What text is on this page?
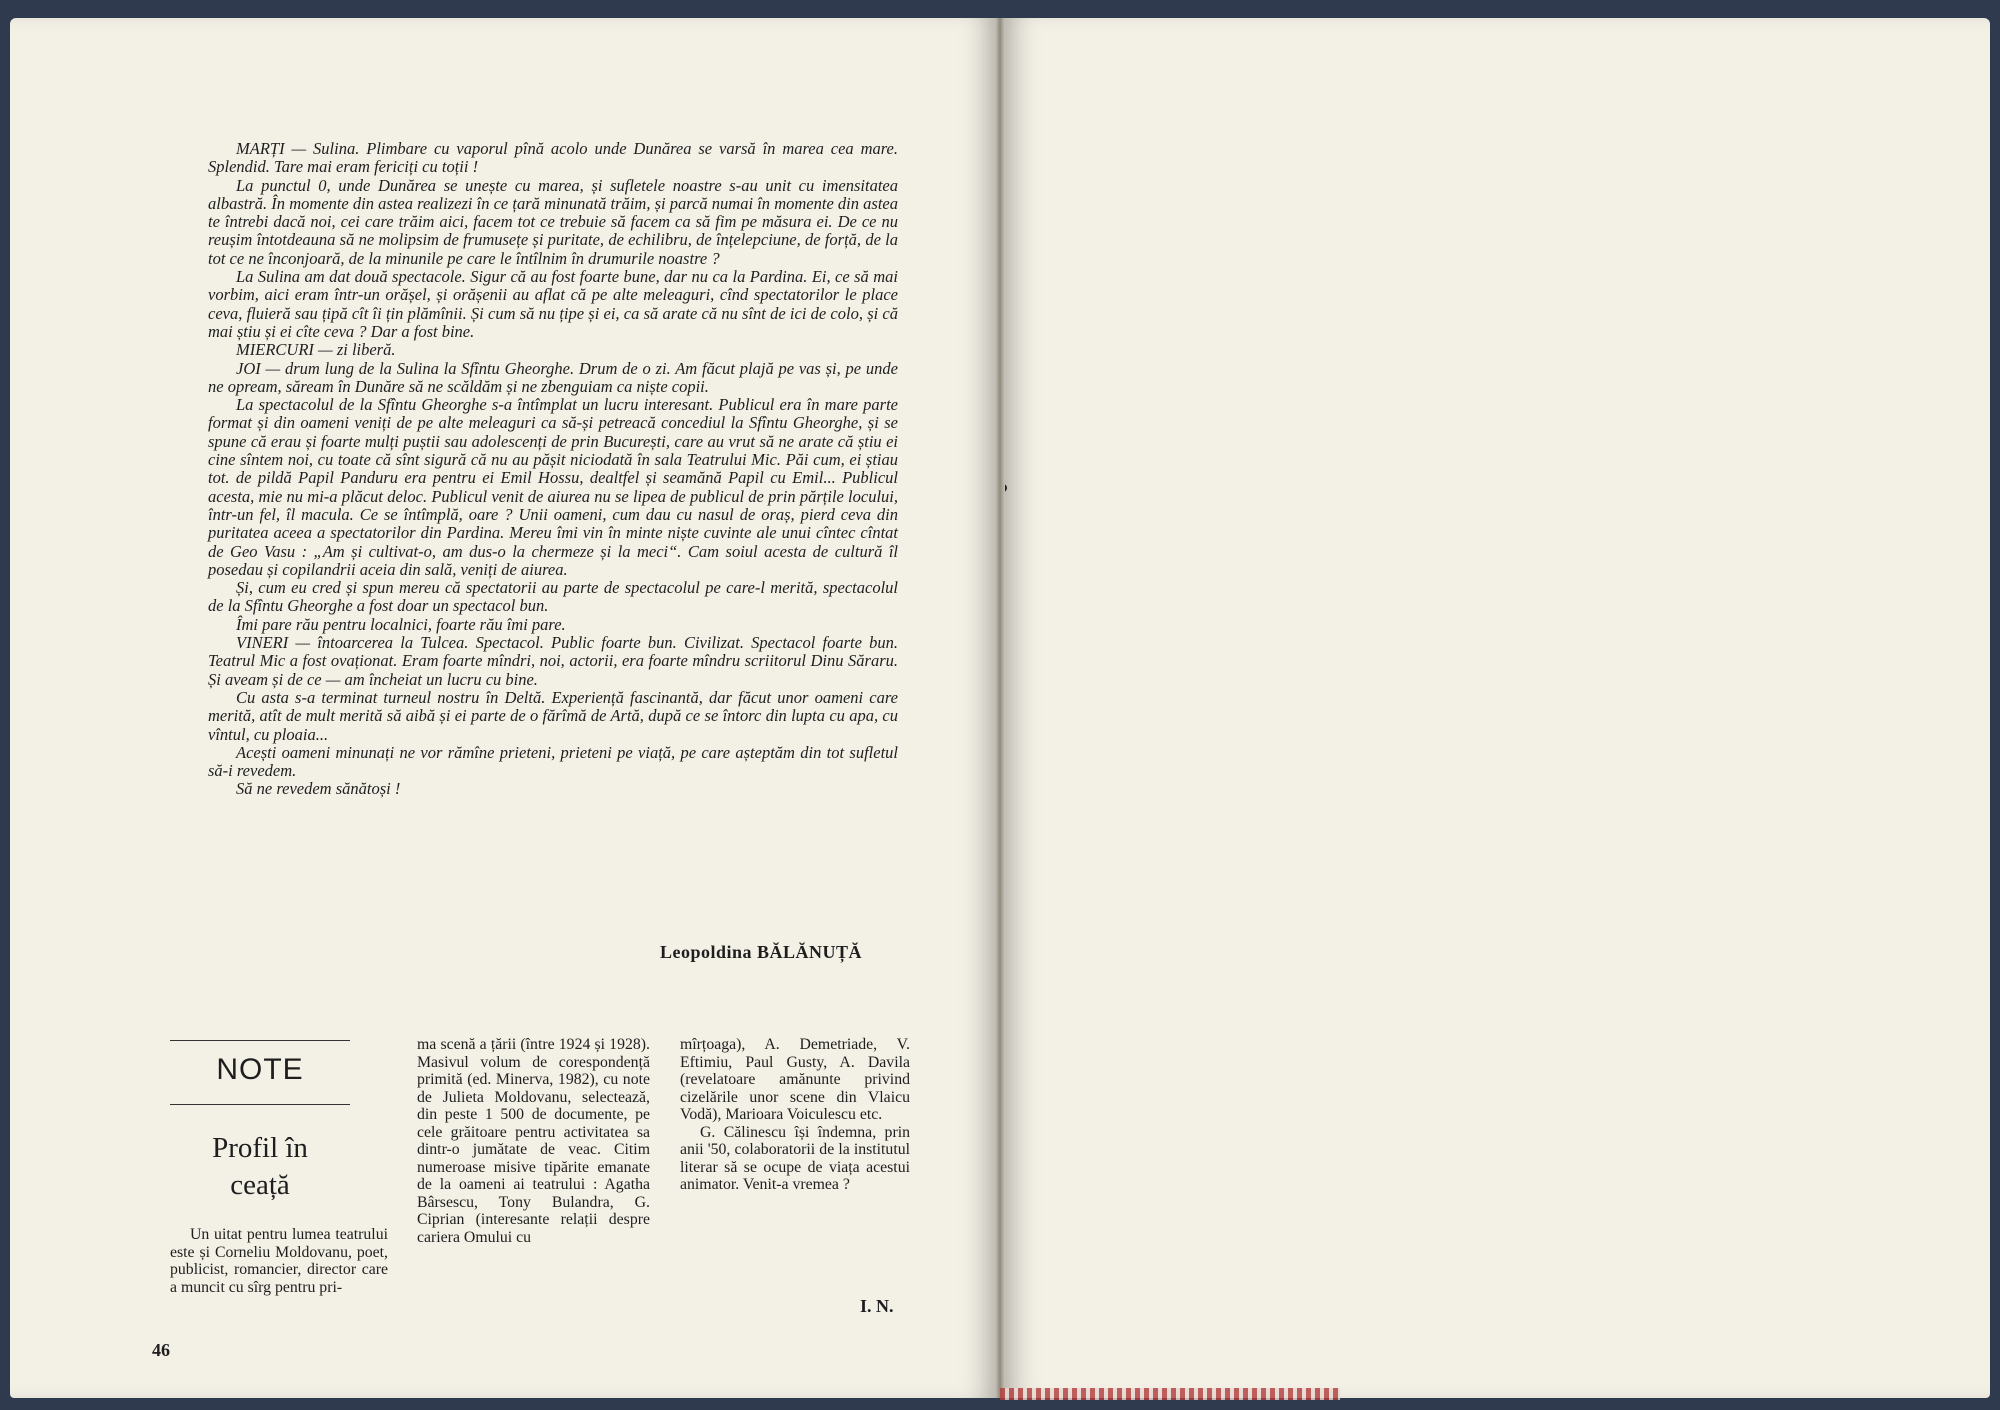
MARȚI — Sulina. Plimbare cu vaporul pînă acolo unde Dunărea se varsă în marea cea mare. Splendid. Tare mai eram fericiți cu toții !

La punctul 0, unde Dunărea se unește cu marea, și sufletele noastre s-au unit cu imensitatea albastră. În momente din astea realizezi în ce țară minunată trăim, și parcă numai în momente din astea te întrebi dacă noi, cei care trăim aici, facem tot ce trebuie să facem ca să fim pe măsura ei. De ce nu reușim întotdeauna să ne molipsim de frumusețe și puritate, de echilibru, de înțelepciune, de forță, de la tot ce ne înconjoară, de la minunile pe care le întîlnim în drumurile noastre ?

La Sulina am dat două spectacole. Sigur că au fost foarte bune, dar nu ca la Pardina. Ei, ce să mai vorbim, aici eram într-un orășel, și orășenii au aflat că pe alte meleaguri, cînd spectatorilor le place ceva, fluieră sau țipă cît îi țin plămînii. Și cum să nu țipe și ei, ca să arate că nu sînt de ici de colo, și că mai știu și ei cîte ceva ? Dar a fost bine.

MIERCURI — zi liberă.

JOI — drum lung de la Sulina la Sfîntu Gheorghe. Drum de o zi. Am făcut plajă pe vas și, pe unde ne opream, săream în Dunăre să ne scăldăm și ne zbenguiam ca niște copii.

La spectacolul de la Sfîntu Gheorghe s-a întîmplat un lucru interesant. Publicul era în mare parte format și din oameni veniți de pe alte meleaguri ca să-și petreacă concediul la Sfîntu Gheorghe, și se spune că erau și foarte mulți puștii sau adolescenți de prin București, care au vrut să ne arate că știu ei cine sîntem noi, cu toate că sînt sigură că nu au pășit niciodată în sala Teatrului Mic. Păi cum, ei știau tot. de pildă Papil Panduru era pentru ei Emil Hossu, dealtfel și seamănă Papil cu Emil... Publicul acesta, mie nu mi-a plăcut deloc. Publicul venit de aiurea nu se lipea de publicul de prin părțile locului, într-un fel, îl macula. Ce se întîmplă, oare ? Unii oameni, cum dau cu nasul de oraș, pierd ceva din puritatea aceea a spectatorilor din Pardina. Mereu îmi vin în minte niște cuvinte ale unui cîntec cîntat de Geo Vasu : „Am și cultivat-o, am dus-o la chermeze și la meci“. Cam soiul acesta de cultură îl posedau și copilandrii aceia din sală, veniți de aiurea.

Și, cum eu cred și spun mereu că spectatorii au parte de spectacolul pe care-l merită, spectacolul de la Sfîntu Gheorghe a fost doar un spectacol bun.

Îmi pare rău pentru localnici, foarte rău îmi pare.

VINERI — întoarcerea la Tulcea. Spectacol. Public foarte bun. Civilizat. Spectacol foarte bun. Teatrul Mic a fost ovaționat. Eram foarte mîndri, noi, actorii, era foarte mîndru scriitorul Dinu Săraru. Și aveam și de ce — am încheiat un lucru cu bine.

Cu asta s-a terminat turneul nostru în Deltă. Experiență fascinantă, dar făcut unor oameni care merită, atît de mult merită să aibă și ei parte de o fărîmă de Artă, după ce se întorc din lupta cu apa, cu vîntul, cu ploaia...

Acești oameni minunați ne vor rămîne prieteni, prieteni pe viață, pe care așteptăm din tot sufletul să-i revedem.

Să ne revedem sănătoși !

Leopoldina BĂLĂNUȚĂ
NOTE
Profil în
ceață

Un uitat pentru lumea teatrului este și Corneliu Moldovanu, poet, publicist, romancier, director care a muncit cu sîrg pentru pri-

ma scenă a țării (între 1924 și 1928). Masivul volum de corespondență primită (ed. Minerva, 1982), cu note de Julieta Moldovanu, selectează, din peste 1 500 de documente, pe cele grăitoare pentru activitatea sa dintr-o jumătate de veac. Citim numeroase misive tipărite emanate de la oameni ai teatrului : Agatha Bârsescu, Tony Bulandra, G. Ciprian (interesante relații despre cariera Omului cu

mîrțoaga), A. Demetriade, V. Eftimiu, Paul Gusty, A. Davila (revelatoare amănunte privind cizelările unor scene din Vlaicu Vodă), Marioara Voiculescu etc.

G. Călinescu își îndemna, prin anii '50, colaboratorii de la institutul literar să se ocupe de viața acestui animator. Venit-a vremea ?

I. N.
46
